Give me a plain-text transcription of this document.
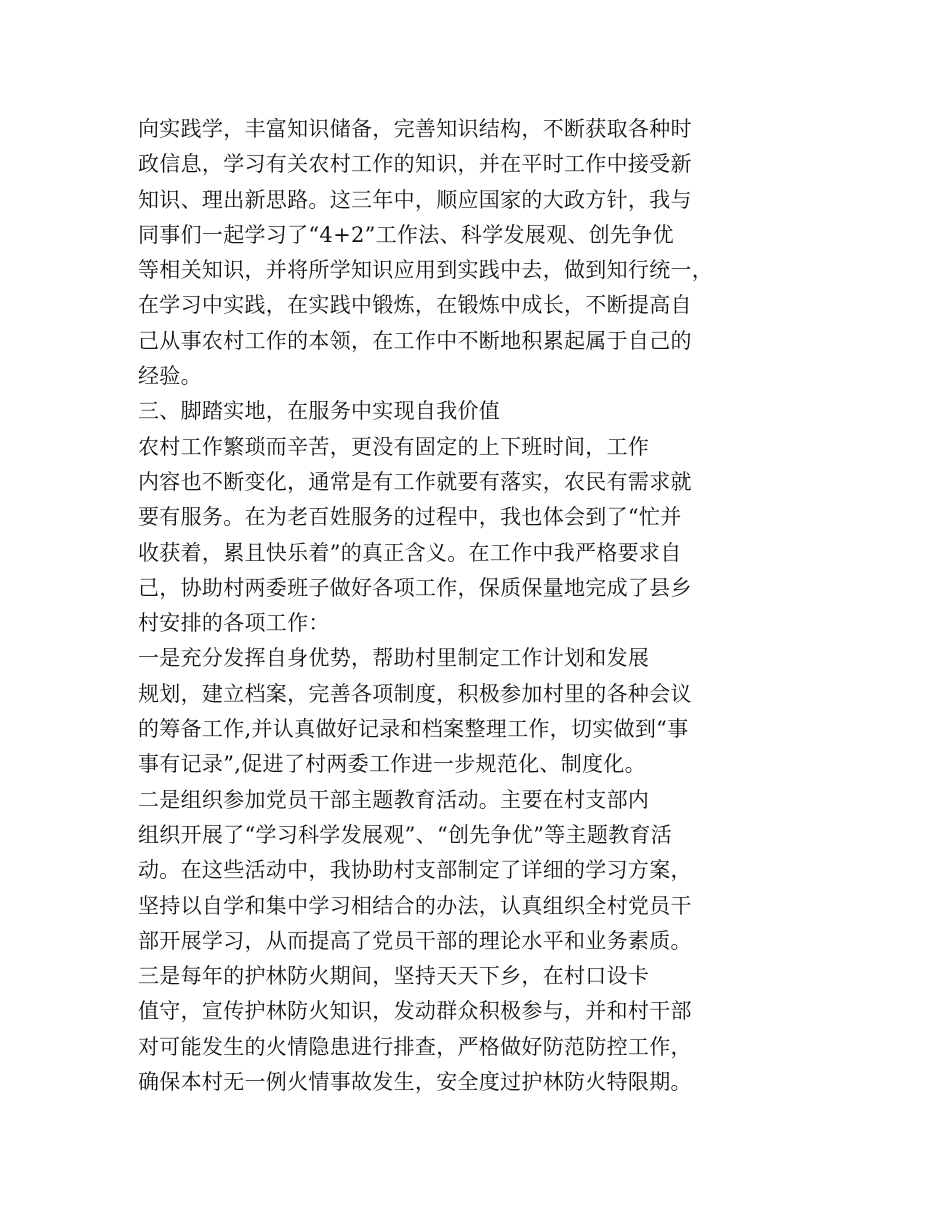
向实践学，丰富知识储备，完善知识结构，不断获取各种时
政信息，学习有关农村工作的知识，并在平时工作中接受新
知识、理出新思路。这三年中，顺应国家的大政方针，我与
同事们一起学习了“4+2”工作法、科学发展观、创先争优
等相关知识，并将所学知识应用到实践中去，做到知行统一，
在学习中实践，在实践中锻炼，在锻炼中成长，不断提高自
己从事农村工作的本领，在工作中不断地积累起属于自己的
经验。
三、脚踏实地，在服务中实现自我价值
农村工作繁琐而辛苦，更没有固定的上下班时间，工作
内容也不断变化，通常是有工作就要有落实，农民有需求就
要有服务。在为老百姓服务的过程中，我也体会到了“忙并
收获着，累且快乐着”的真正含义。在工作中我严格要求自
己，协助村两委班子做好各项工作，保质保量地完成了县乡
村安排的各项工作：
一是充分发挥自身优势，帮助村里制定工作计划和发展
规划，建立档案，完善各项制度，积极参加村里的各种会议
的筹备工作,并认真做好记录和档案整理工作，切实做到“事
事有记录”,促进了村两委工作进一步规范化、制度化。
二是组织参加党员干部主题教育活动。主要在村支部内
组织开展了“学习科学发展观”、“创先争优”等主题教育活
动。在这些活动中，我协助村支部制定了详细的学习方案，
坚持以自学和集中学习相结合的办法，认真组织全村党员干
部开展学习，从而提高了党员干部的理论水平和业务素质。
三是每年的护林防火期间，坚持天天下乡，在村口设卡
值守，宣传护林防火知识，发动群众积极参与，并和村干部
对可能发生的火情隐患进行排查，严格做好防范防控工作，
确保本村无一例火情事故发生，安全度过护林防火特限期。
